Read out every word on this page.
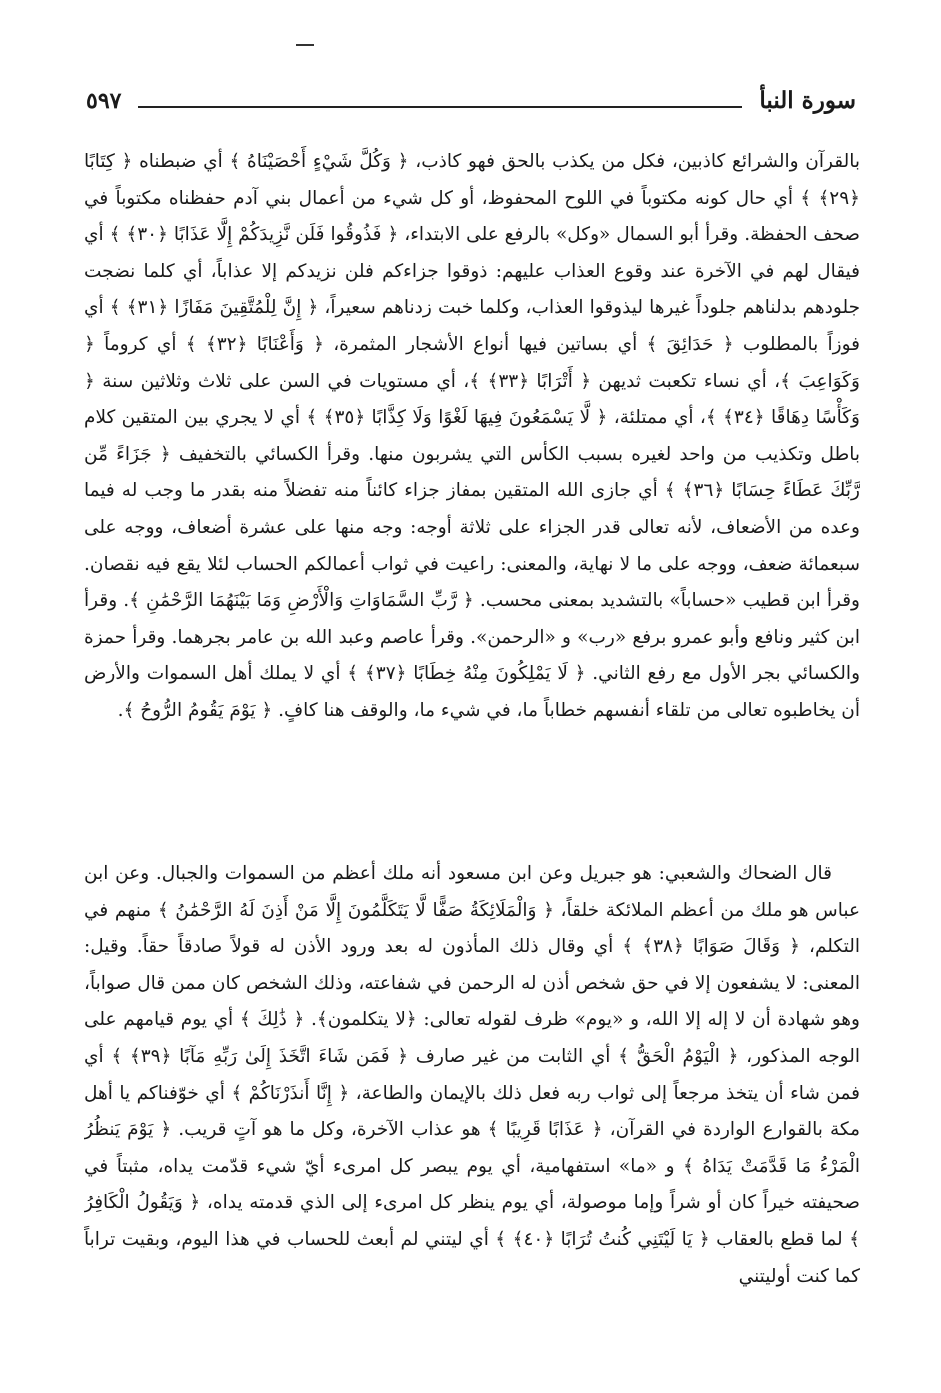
سورة النبأ
٥٩٧

بالقرآن والشرائع كاذبين، فكل من يكذب بالحق فهو كاذب، ﴿ وَكُلَّ شَيْءٍ أَحْصَيْنَاهُ ﴾ أي ضبطناه ﴿ كِتَابًا ﴿٢٩﴾ ﴾ أي حال كونه مكتوباً في اللوح المحفوظ، أو كل شيء من أعمال بني آدم حفظناه مكتوباً في صحف الحفظة. وقرأ أبو السمال «وكل» بالرفع على الابتداء، ﴿ فَذُوقُوا فَلَن نَّزِيدَكُمْ إِلَّا عَذَابًا ﴿٣٠﴾ ﴾ أي فيقال لهم في الآخرة عند وقوع العذاب عليهم: ذوقوا جزاءكم فلن نزيدكم إلا عذاباً، أي كلما نضجت جلودهم بدلناهم جلوداً غيرها ليذوقوا العذاب، وكلما خبت زدناهم سعيراً، ﴿ إِنَّ لِلْمُتَّقِينَ مَفَازًا ﴿٣١﴾ ﴾ أي فوزاً بالمطلوب ﴿ حَدَائِقَ ﴾ أي بساتين فيها أنواع الأشجار المثمرة، ﴿ وَأَعْنَابًا ﴿٣٢﴾ ﴾ أي كروماً ﴿ وَكَوَاعِبَ ﴾، أي نساء تكعبت ثديهن ﴿ أَتْرَابًا ﴿٣٣﴾ ﴾، أي مستويات في السن على ثلاث وثلاثين سنة ﴿ وَكَأْسًا دِهَاقًا ﴿٣٤﴾ ﴾، أي ممتلئة، ﴿ لَّا يَسْمَعُونَ فِيهَا لَغْوًا وَلَا كِذَّابًا ﴿٣٥﴾ ﴾ أي لا يجري بين المتقين كلام باطل وتكذيب من واحد لغيره بسبب الكأس التي يشربون منها. وقرأ الكسائي بالتخفيف ﴿ جَزَاءً مِّن رَّبِّكَ عَطَاءً حِسَابًا ﴿٣٦﴾ ﴾ أي جازى الله المتقين بمفاز جزاء كائناً منه تفضلاً منه بقدر ما وجب له فيما وعده من الأضعاف، لأنه تعالى قدر الجزاء على ثلاثة أوجه: وجه منها على عشرة أضعاف، ووجه على سبعمائة ضعف، ووجه على ما لا نهاية، والمعنى: راعيت في ثواب أعمالكم الحساب لئلا يقع فيه نقصان. وقرأ ابن قطيب «حساباً» بالتشديد بمعنى محسب. ﴿ رَّبِّ السَّمَاوَاتِ وَالْأَرْضِ وَمَا بَيْنَهُمَا الرَّحْمَٰنِ ﴾. وقرأ ابن كثير ونافع وأبو عمرو برفع «رب» و «الرحمن». وقرأ عاصم وعبد الله بن عامر بجرهما. وقرأ حمزة والكسائي بجر الأول مع رفع الثاني. ﴿ لَا يَمْلِكُونَ مِنْهُ خِطَابًا ﴿٣٧﴾ ﴾ أي لا يملك أهل السموات والأرض أن يخاطبوه تعالى من تلقاء أنفسهم خطاباً ما، في شيء ما، والوقف هنا كافٍ. ﴿ يَوْمَ يَقُومُ الرُّوحُ ﴾.

قال الضحاك والشعبي: هو جبريل وعن ابن مسعود أنه ملك أعظم من السموات والجبال. وعن ابن عباس هو ملك من أعظم الملائكة خلقاً، ﴿ وَالْمَلَائِكَةُ صَفًّا لَّا يَتَكَلَّمُونَ إِلَّا مَنْ أَذِنَ لَهُ الرَّحْمَٰنُ ﴾ منهم في التكلم، ﴿ وَقَالَ صَوَابًا ﴿٣٨﴾ ﴾ أي وقال ذلك المأذون له بعد ورود الأذن له قولاً صادقاً حقاً. وقيل: المعنى: لا يشفعون إلا في حق شخص أذن له الرحمن في شفاعته، وذلك الشخص كان ممن قال صواباً، وهو شهادة أن لا إله إلا الله، و «يوم» ظرف لقوله تعالى: ﴿لا يتكلمون﴾. ﴿ ذَٰلِكَ ﴾ أي يوم قيامهم على الوجه المذكور، ﴿ الْيَوْمُ الْحَقُّ ﴾ أي الثابت من غير صارف ﴿ فَمَن شَاءَ اتَّخَذَ إِلَىٰ رَبِّهِ مَآبًا ﴿٣٩﴾ ﴾ أي فمن شاء أن يتخذ مرجعاً إلى ثواب ربه فعل ذلك بالإيمان والطاعة، ﴿ إِنَّا أَنذَرْنَاكُمْ ﴾ أي خوّفناكم يا أهل مكة بالقوارع الواردة في القرآن، ﴿ عَذَابًا قَرِيبًا ﴾ هو عذاب الآخرة، وكل ما هو آتٍ قريب. ﴿ يَوْمَ يَنظُرُ الْمَرْءُ مَا قَدَّمَتْ يَدَاهُ ﴾ و «ما» استفهامية، أي يوم يبصر كل امرىء أيّ شيء قدّمت يداه، مثبتاً في صحيفته خيراً كان أو شراً وإما موصولة، أي يوم ينظر كل امرىء إلى الذي قدمته يداه، ﴿ وَيَقُولُ الْكَافِرُ ﴾ لما قطع بالعقاب ﴿ يَا لَيْتَنِي كُنتُ تُرَابًا ﴿٤٠﴾ ﴾ أي ليتني لم أبعث للحساب في هذا اليوم، وبقيت تراباً كما كنت أوليتني
